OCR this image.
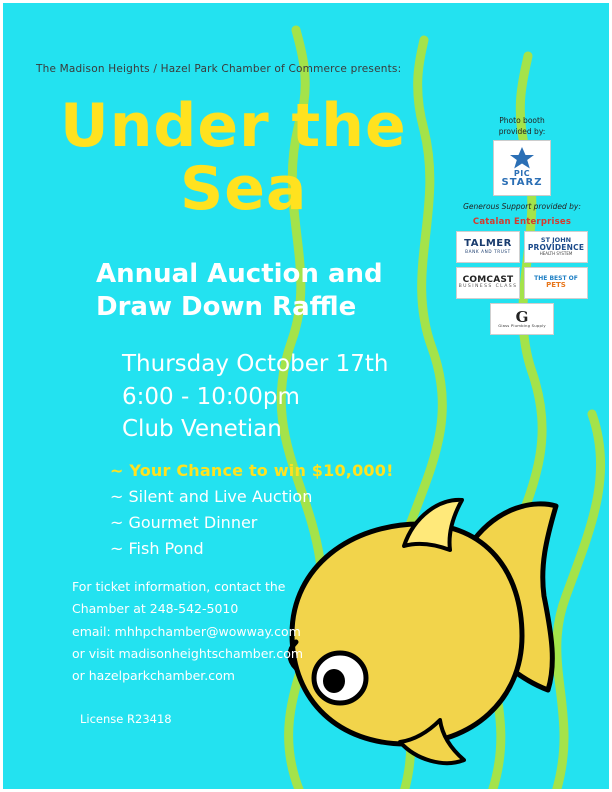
The Madison Heights / Hazel Park Chamber of Commerce presents:
Under the
Sea
Annual Auction and
Draw Down Raffle
Thursday October 17th
6:00 - 10:00pm
Club Venetian
~ Your Chance to win $10,000!
~ Silent and Live Auction
~ Gourmet Dinner
~ Fish Pond
For ticket information, contact the
Chamber at 248-542-5010
email: mhhpchamber@wowway.com
or visit madisonheightschamber.com
or hazelparkchamber.com
License R23418
Photo booth
provided by:
PIC
STARZ
Generous Support provided by:
Catalan Enterprises
TALMER
BANK AND TRUST
ST JOHN
PROVIDENCE
HEALTH SYSTEM
COMCAST
BUSINESS CLASS
THE BEST OF
PETS
G
Glass Plumbing Supply
